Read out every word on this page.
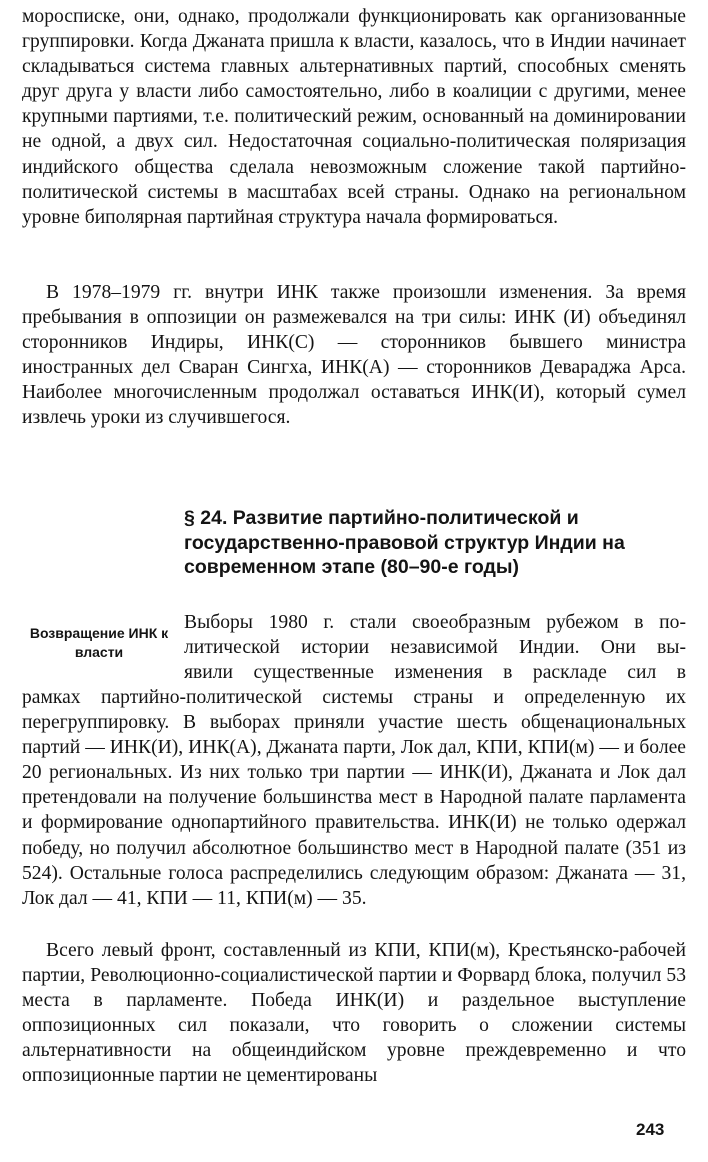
моросписке, они, однако, продолжали функционировать как организованные группировки. Когда Джаната пришла к власти, казалось, что в Индии начинает складываться система главных альтернативных партий, способных сменять друг друга у власти либо самостоятельно, либо в коалиции с другими, менее крупными партиями, т.е. политический режим, основанный на доминировании не одной, а двух сил. Недостаточная социально-политическая поляризация индийского общества сделала невозможным сложение такой партийно-политической системы в масштабах всей страны. Однако на региональном уровне биполярная партийная структура начала формироваться.

В 1978–1979 гг. внутри ИНК также произошли изменения. За время пребывания в оппозиции он размежевался на три силы: ИНК (И) объединял сторонников Индиры, ИНК(С) — сторонников бывшего министра иностранных дел Сваран Сингха, ИНК(А) — сторонников Девараджа Арса. Наиболее многочисленным продолжал оставаться ИНК(И), который сумел извлечь уроки из случившегося.

§ 24. Развитие партийно-политической и государственно-правовой структур Индии на современном этапе (80–90-е годы)

Возвращение ИНК к власти

Выборы 1980 г. стали своеобразным рубежом в по-
литической истории независимой Индии. Они вы-
явили существенные изменения в раскладе сил в

рамках партийно-политической системы страны и определенную их перегруппировку. В выборах приняли участие шесть общенациональных партий — ИНК(И), ИНК(А), Джаната парти, Лок дал, КПИ, КПИ(м) — и более 20 региональных. Из них только три партии — ИНК(И), Джаната и Лок дал претендовали на получение большинства мест в Народной палате парламента и формирование однопартийного правительства. ИНК(И) не только одержал победу, но получил абсолютное большинство мест в Народной палате (351 из 524). Остальные голоса распределились следующим образом: Джаната — 31, Лок дал — 41, КПИ — 11, КПИ(м) — 35.

Всего левый фронт, составленный из КПИ, КПИ(м), Крестьянско-рабочей партии, Революционно-социалистической партии и Форвард блока, получил 53 места в парламенте. Победа ИНК(И) и раздельное выступление оппозиционных сил показали, что говорить о сложении системы альтернативности на общеиндийском уровне преждевременно и что оппозиционные партии не цементированы

243
